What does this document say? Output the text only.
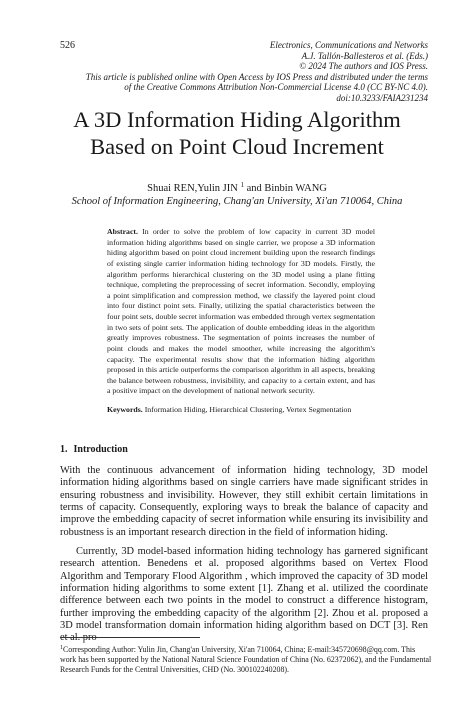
526	Electronics, Communications and Networks
A.J. Tallón-Ballesteros et al. (Eds.)
© 2024 The authors and IOS Press.
This article is published online with Open Access by IOS Press and distributed under the terms
of the Creative Commons Attribution Non-Commercial License 4.0 (CC BY-NC 4.0).
doi:10.3233/FAIA231234
A 3D Information Hiding Algorithm
Based on Point Cloud Increment
Shuai REN,Yulin JIN $^1$ and Binbin WANG
School of Information Engineering, Chang'an University, Xi'an 710064, China

Abstract. In order to solve the problem of low capacity in current 3D model information hiding algorithms based on single carrier, we propose a 3D information hiding algorithm based on point cloud increment building upon the research findings of existing single carrier information hiding technology for 3D models. Firstly, the algorithm performs hierarchical clustering on the 3D model using a plane fitting technique, completing the preprocessing of secret information. Secondly, employing a point simplification and compression method, we classify the layered point cloud into four distinct point sets. Finally, utilizing the spatial characteristics between the four point sets, double secret information was embedded through vertex segmentation in two sets of point sets. The application of double embedding ideas in the algorithm greatly improves robustness. The segmentation of points increases the number of point clouds and makes the model smoother, while increasing the algorithm's capacity. The experimental results show that the information hiding algorithm proposed in this article outperforms the comparison algorithm in all aspects, breaking the balance between robustness, invisibility, and capacity to a certain extent, and has a positive impact on the development of national network security.

Keywords. Information Hiding, Hierarchical Clustering, Vertex Segmentation
1. Introduction

With the continuous advancement of information hiding technology, 3D model information hiding algorithms based on single carriers have made significant strides in ensuring robustness and invisibility. However, they still exhibit certain limitations in terms of capacity. Consequently, exploring ways to break the balance of capacity and improve the embedding capacity of secret information while ensuring its invisibility and robustness is an important research direction in the field of information hiding.

Currently, 3D model-based information hiding technology has garnered significant research attention. Benedens et al. proposed algorithms based on Vertex Flood Algorithm and Temporary Flood Algorithm , which improved the capacity of 3D model information hiding algorithms to some extent [1]. Zhang et al. utilized the coordinate difference between each two points in the model to construct a difference histogram, further improving the embedding capacity of the algorithm [2]. Zhou et al. proposed a 3D model transformation domain information hiding algorithm based on DCT [3]. Ren et al. pro-

$^1$Corresponding Author: Yulin Jin, Chang'an University, Xi'an 710064, China; E-mail:345720698@qq.com. This work has been supported by the National Natural Science Foundation of China (No. 62372062), and the Fundamental Research Funds for the Central Universities, CHD (No. 300102240208).
